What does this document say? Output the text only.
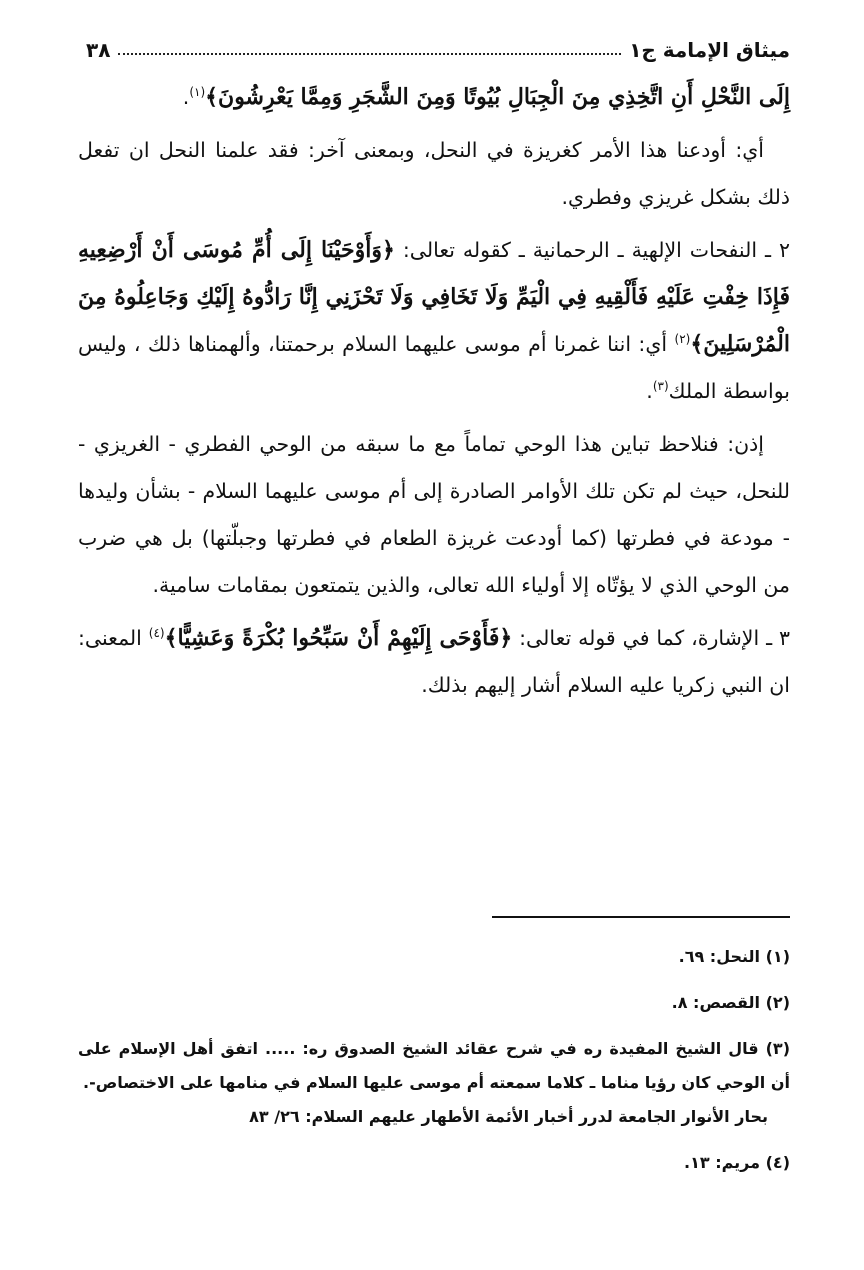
ميثاق الإمامة ج١
٣٨

إِلَى النَّحْلِ أَنِ اتَّخِذِي مِنَ الْجِبَالِ بُيُوتًا وَمِنَ الشَّجَرِ وَمِمَّا يَعْرِشُونَ﴾$^{(١)}$.

أي: أودعنا هذا الأمر كغريزة في النحل، وبمعنى آخر: فقد علمنا النحل ان تفعل ذلك بشكل غريزي وفطري.

٢ ـ النفحات الإلهية ـ الرحمانية ـ كقوله تعالى: ﴿وَأَوْحَيْنَا إِلَى أُمِّ مُوسَى أَنْ أَرْضِعِيهِ فَإِذَا خِفْتِ عَلَيْهِ فَأَلْقِيهِ فِي الْيَمِّ وَلَا تَخَافِي وَلَا تَحْزَنِي إِنَّا رَادُّوهُ إِلَيْكِ وَجَاعِلُوهُ مِنَ الْمُرْسَلِينَ﴾$^{(٢)}$ أي: اننا غمرنا أم موسى عليهما السلام برحمتنا، وألهمناها ذلك ، وليس بواسطة الملك$^{(٣)}$.

إذن: فنلاحظ تباين هذا الوحي تماماً مع ما سبقه من الوحي الفطري - الغريزي - للنحل، حيث لم تكن تلك الأوامر الصادرة إلى أم موسى عليهما السلام - بشأن وليدها - مودعة في فطرتها (كما أودعت غريزة الطعام في فطرتها وجبلّتها) بل هي ضرب من الوحي الذي لا يؤتّاه إلا أولياء الله تعالى، والذين يتمتعون بمقامات سامية.

٣ ـ الإشارة، كما في قوله تعالى: ﴿فَأَوْحَى إِلَيْهِمْ أَنْ سَبِّحُوا بُكْرَةً وَعَشِيًّا﴾$^{(٤)}$ المعنى: ان النبي زكريا عليه السلام أشار إليهم بذلك.

(١) النحل: ٦٩.

(٢) القصص: ٨.

(٣) قال الشيخ المفيدة ره في شرح عقائد الشيخ الصدوق ره: ..... اتفق أهل الإسلام على أن الوحي كان رؤيا مناما ـ كلاما سمعته أم موسى عليها السلام في منامها على الاختصاص-.

بحار الأنوار الجامعة لدرر أخبار الأئمة الأطهار عليهم السلام: ٢٦/ ٨٣

(٤) مريم: ١٣.
